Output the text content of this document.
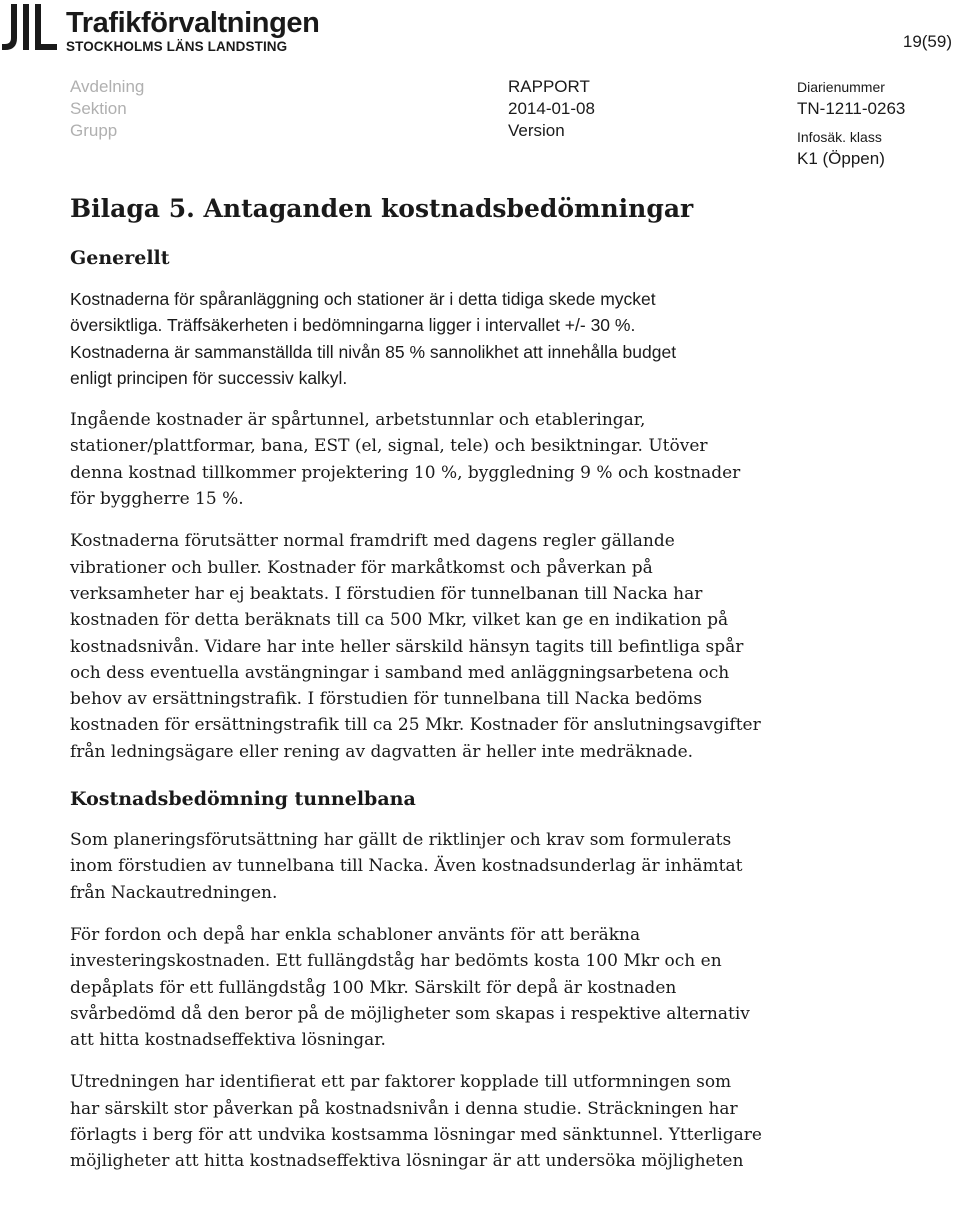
Trafikförvaltningen
STOCKHOLMS LÄNS LANDSTING	19(59)
Avdelning
Sektion
Grupp
RAPPORT
2014-01-08
Version
Diarienummer
TN-1211-0263
Infosäk. klass
K1 (Öppen)
Bilaga 5. Antaganden kostnadsbedömningar
Generellt

Kostnaderna för spåranläggning och stationer är i detta tidiga skede mycket
översiktliga. Träffsäkerheten i bedömningarna ligger i intervallet +/- 30 %.
Kostnaderna är sammanställda till nivån 85 % sannolikhet att innehålla budget
enligt principen för successiv kalkyl.

Ingående kostnader är spårtunnel, arbetstunnlar och etableringar,
stationer/plattformar, bana, EST (el, signal, tele) och besiktningar. Utöver
denna kostnad tillkommer projektering 10 %, byggledning 9 % och kostnader
för byggherre 15 %.

Kostnaderna förutsätter normal framdrift med dagens regler gällande
vibrationer och buller. Kostnader för markåtkomst och påverkan på
verksamheter har ej beaktats. I förstudien för tunnelbanan till Nacka har
kostnaden för detta beräknats till ca 500 Mkr, vilket kan ge en indikation på
kostnadsnivån. Vidare har inte heller särskild hänsyn tagits till befintliga spår
och dess eventuella avstängningar i samband med anläggningsarbetena och
behov av ersättningstrafik. I förstudien för tunnelbana till Nacka bedöms
kostnaden för ersättningstrafik till ca 25 Mkr. Kostnader för anslutningsavgifter
från ledningsägare eller rening av dagvatten är heller inte medräknade.

Kostnadsbedömning tunnelbana

Som planeringsförutsättning har gällt de riktlinjer och krav som formulerats
inom förstudien av tunnelbana till Nacka. Även kostnadsunderlag är inhämtat
från Nackautredningen.

För fordon och depå har enkla schabloner använts för att beräkna
investeringskostnaden. Ett fullängdståg har bedömts kosta 100 Mkr och en
depåplats för ett fullängdståg 100 Mkr. Särskilt för depå är kostnaden
svårbedömd då den beror på de möjligheter som skapas i respektive alternativ
att hitta kostnadseffektiva lösningar.

Utredningen har identifierat ett par faktorer kopplade till utformningen som
har särskilt stor påverkan på kostnadsnivån i denna studie. Sträckningen har
förlagts i berg för att undvika kostsamma lösningar med sänktunnel. Ytterligare
möjligheter att hitta kostnadseffektiva lösningar är att undersöka möjligheten
